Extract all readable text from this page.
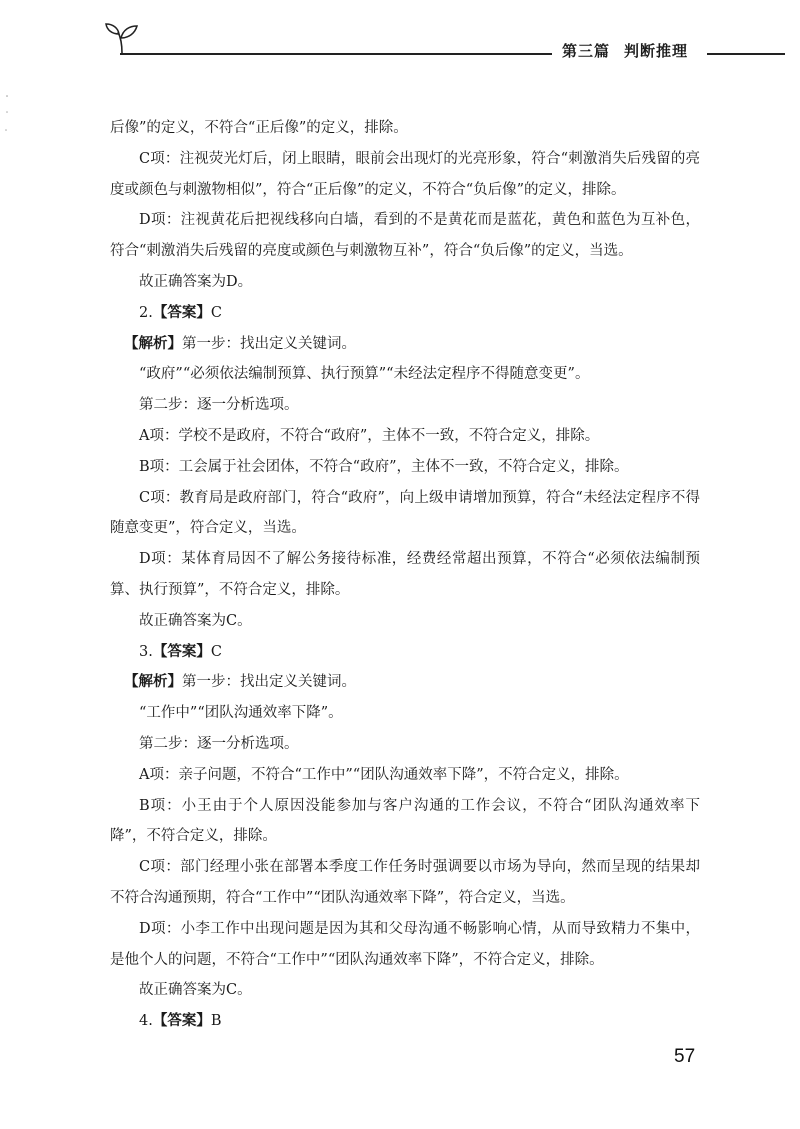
第三篇 判断推理
后像”的定义，不符合“正后像”的定义，排除。
C项：注视荧光灯后，闭上眼睛，眼前会出现灯的光亮形象，符合“刺激消失后残留的亮度或颜色与刺激物相似”，符合“正后像”的定义，不符合“负后像”的定义，排除。
D项：注视黄花后把视线移向白墙，看到的不是黄花而是蓝花，黄色和蓝色为互补色，符合“刺激消失后残留的亮度或颜色与刺激物互补”，符合“负后像”的定义，当选。
故正确答案为D。
2.【答案】C
【解析】第一步：找出定义关键词。
“政府”“必须依法编制预算、执行预算”“未经法定程序不得随意变更”。
第二步：逐一分析选项。
A项：学校不是政府，不符合“政府”，主体不一致，不符合定义，排除。
B项：工会属于社会团体，不符合“政府”，主体不一致，不符合定义，排除。
C项：教育局是政府部门，符合“政府”，向上级申请增加预算，符合“未经法定程序不得随意变更”，符合定义，当选。
D项：某体育局因不了解公务接待标准，经费经常超出预算，不符合“必须依法编制预算、执行预算”，不符合定义，排除。
故正确答案为C。
3.【答案】C
【解析】第一步：找出定义关键词。
“工作中”“团队沟通效率下降”。
第二步：逐一分析选项。
A项：亲子问题，不符合“工作中”“团队沟通效率下降”，不符合定义，排除。
B项：小王由于个人原因没能参加与客户沟通的工作会议，不符合“团队沟通效率下降”，不符合定义，排除。
C项：部门经理小张在部署本季度工作任务时强调要以市场为导向，然而呈现的结果却不符合沟通预期，符合“工作中”“团队沟通效率下降”，符合定义，当选。
D项：小李工作中出现问题是因为其和父母沟通不畅影响心情，从而导致精力不集中，是他个人的问题，不符合“工作中”“团队沟通效率下降”，不符合定义，排除。
故正确答案为C。
4.【答案】B
57
